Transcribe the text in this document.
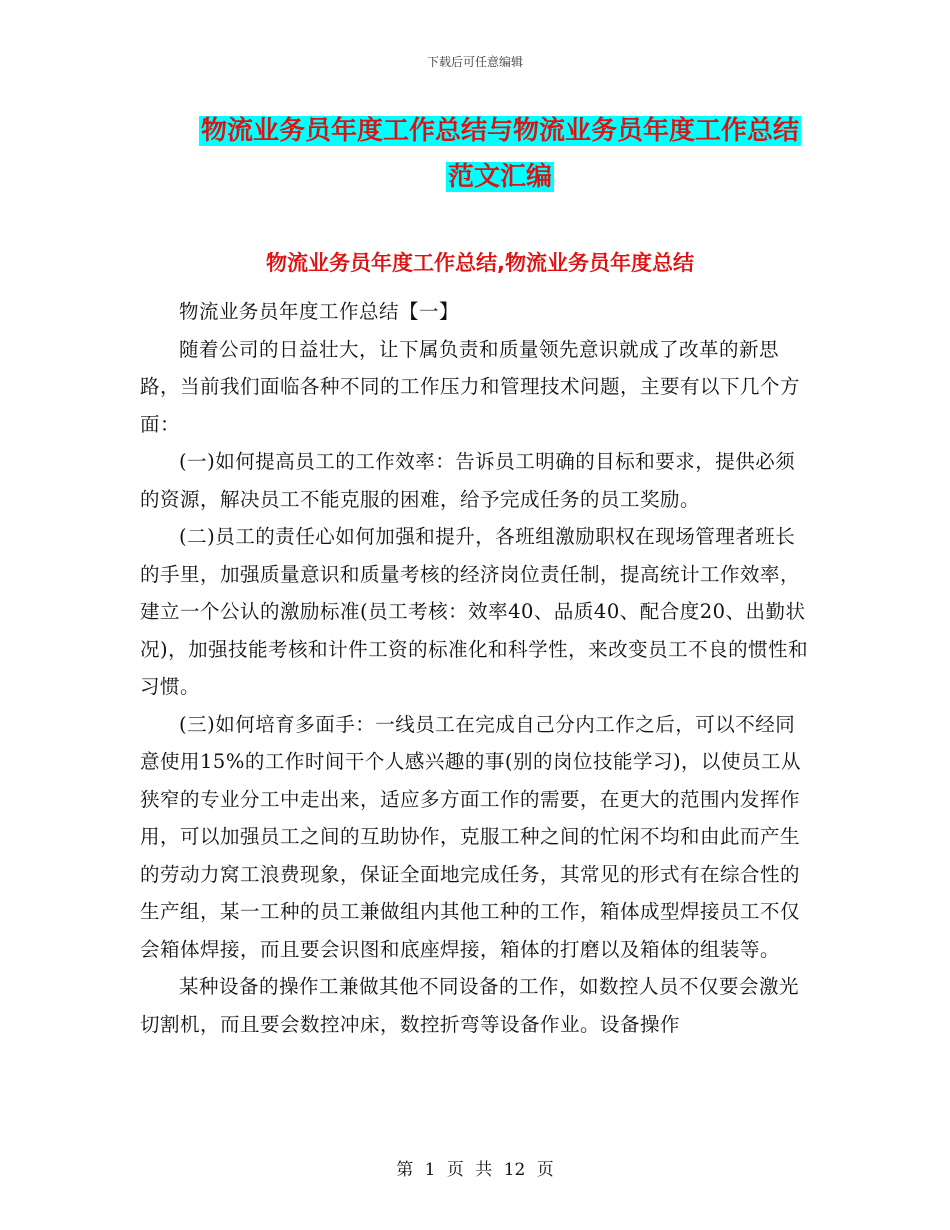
下载后可任意编辑
物流业务员年度工作总结与物流业务员年度工作总结
范文汇编
物流业务员年度工作总结,物流业务员年度总结

物流业务员年度工作总结【一】

随着公司的日益壮大，让下属负责和质量领先意识就成了改革的新思路，当前我们面临各种不同的工作压力和管理技术问题，主要有以下几个方面：

(一)如何提高员工的工作效率：告诉员工明确的目标和要求，提供必须的资源，解决员工不能克服的困难，给予完成任务的员工奖励。

(二)员工的责任心如何加强和提升，各班组激励职权在现场管理者班长的手里，加强质量意识和质量考核的经济岗位责任制，提高统计工作效率，建立一个公认的激励标准(员工考核：效率40、品质40、配合度20、出勤状况)，加强技能考核和计件工资的标准化和科学性，来改变员工不良的惯性和习惯。

(三)如何培育多面手：一线员工在完成自己分内工作之后，可以不经同意使用15%的工作时间干个人感兴趣的事(别的岗位技能学习)，以使员工从狭窄的专业分工中走出来，适应多方面工作的需要，在更大的范围内发挥作用，可以加强员工之间的互助协作，克服工种之间的忙闲不均和由此而产生的劳动力窝工浪费现象，保证全面地完成任务，其常见的形式有在综合性的生产组，某一工种的员工兼做组内其他工种的工作，箱体成型焊接员工不仅会箱体焊接，而且要会识图和底座焊接，箱体的打磨以及箱体的组装等。

某种设备的操作工兼做其他不同设备的工作，如数控人员不仅要会激光切割机，而且要会数控冲床，数控折弯等设备作业。设备操作

第 1 页 共 12 页
